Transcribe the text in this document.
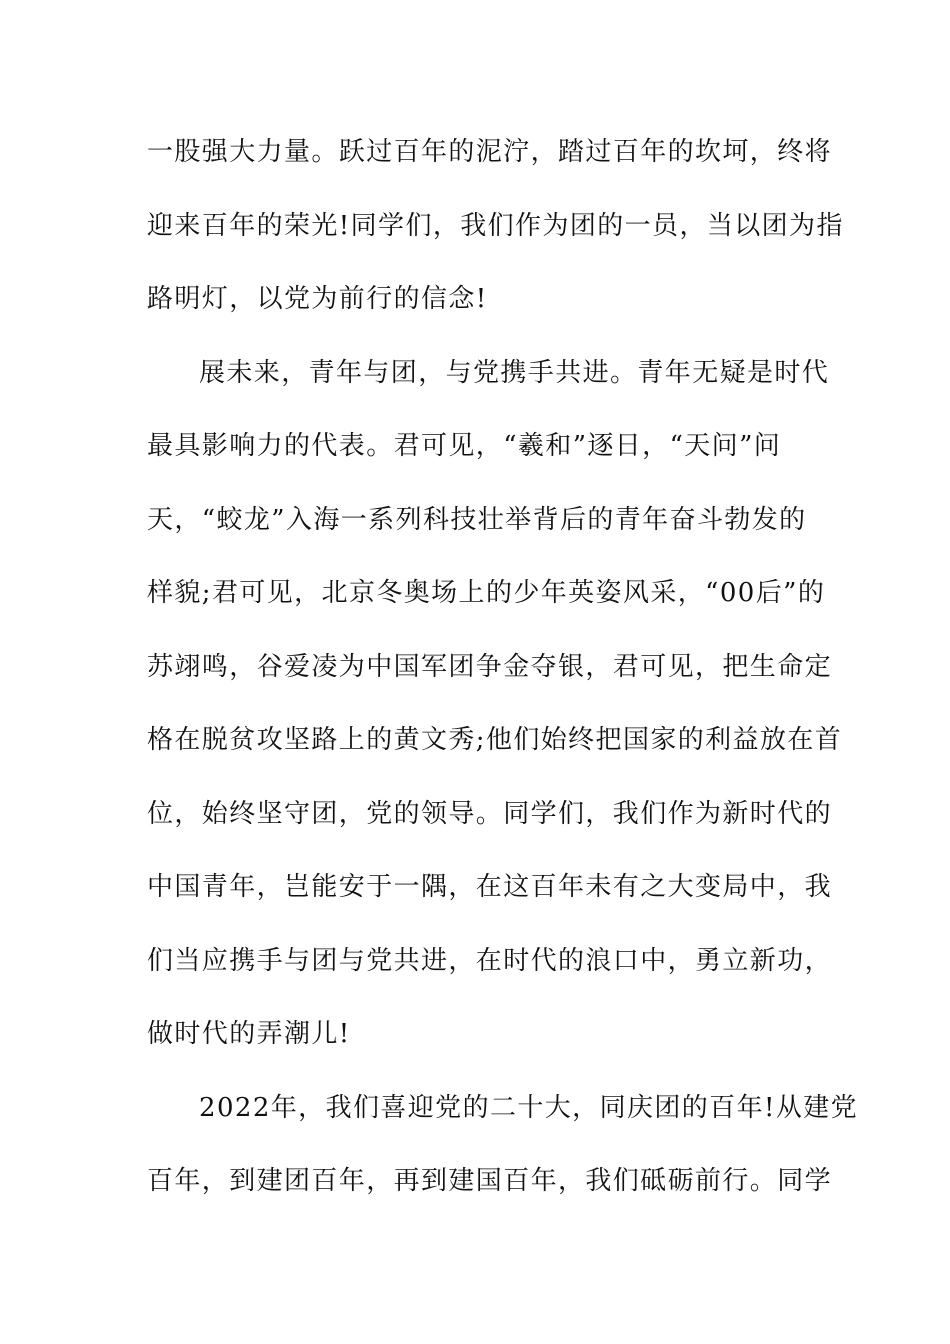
一股强大力量。跃过百年的泥泞，踏过百年的坎坷，终将
迎来百年的荣光!同学们，我们作为团的一员，当以团为指
路明灯，以党为前行的信念!
展未来，青年与团，与党携手共进。青年无疑是时代
最具影响力的代表。君可见，“羲和”逐日，“天问”问
天，“蛟龙”入海一系列科技壮举背后的青年奋斗勃发的
样貌;君可见，北京冬奥场上的少年英姿风采，“00后”的
苏翊鸣，谷爱凌为中国军团争金夺银，君可见，把生命定
格在脱贫攻坚路上的黄文秀;他们始终把国家的利益放在首
位，始终坚守团，党的领导。同学们，我们作为新时代的
中国青年，岂能安于一隅，在这百年未有之大变局中，我
们当应携手与团与党共进，在时代的浪口中，勇立新功，
做时代的弄潮儿!
2022年，我们喜迎党的二十大，同庆团的百年!从建党
百年，到建团百年，再到建国百年，我们砥砺前行。同学
